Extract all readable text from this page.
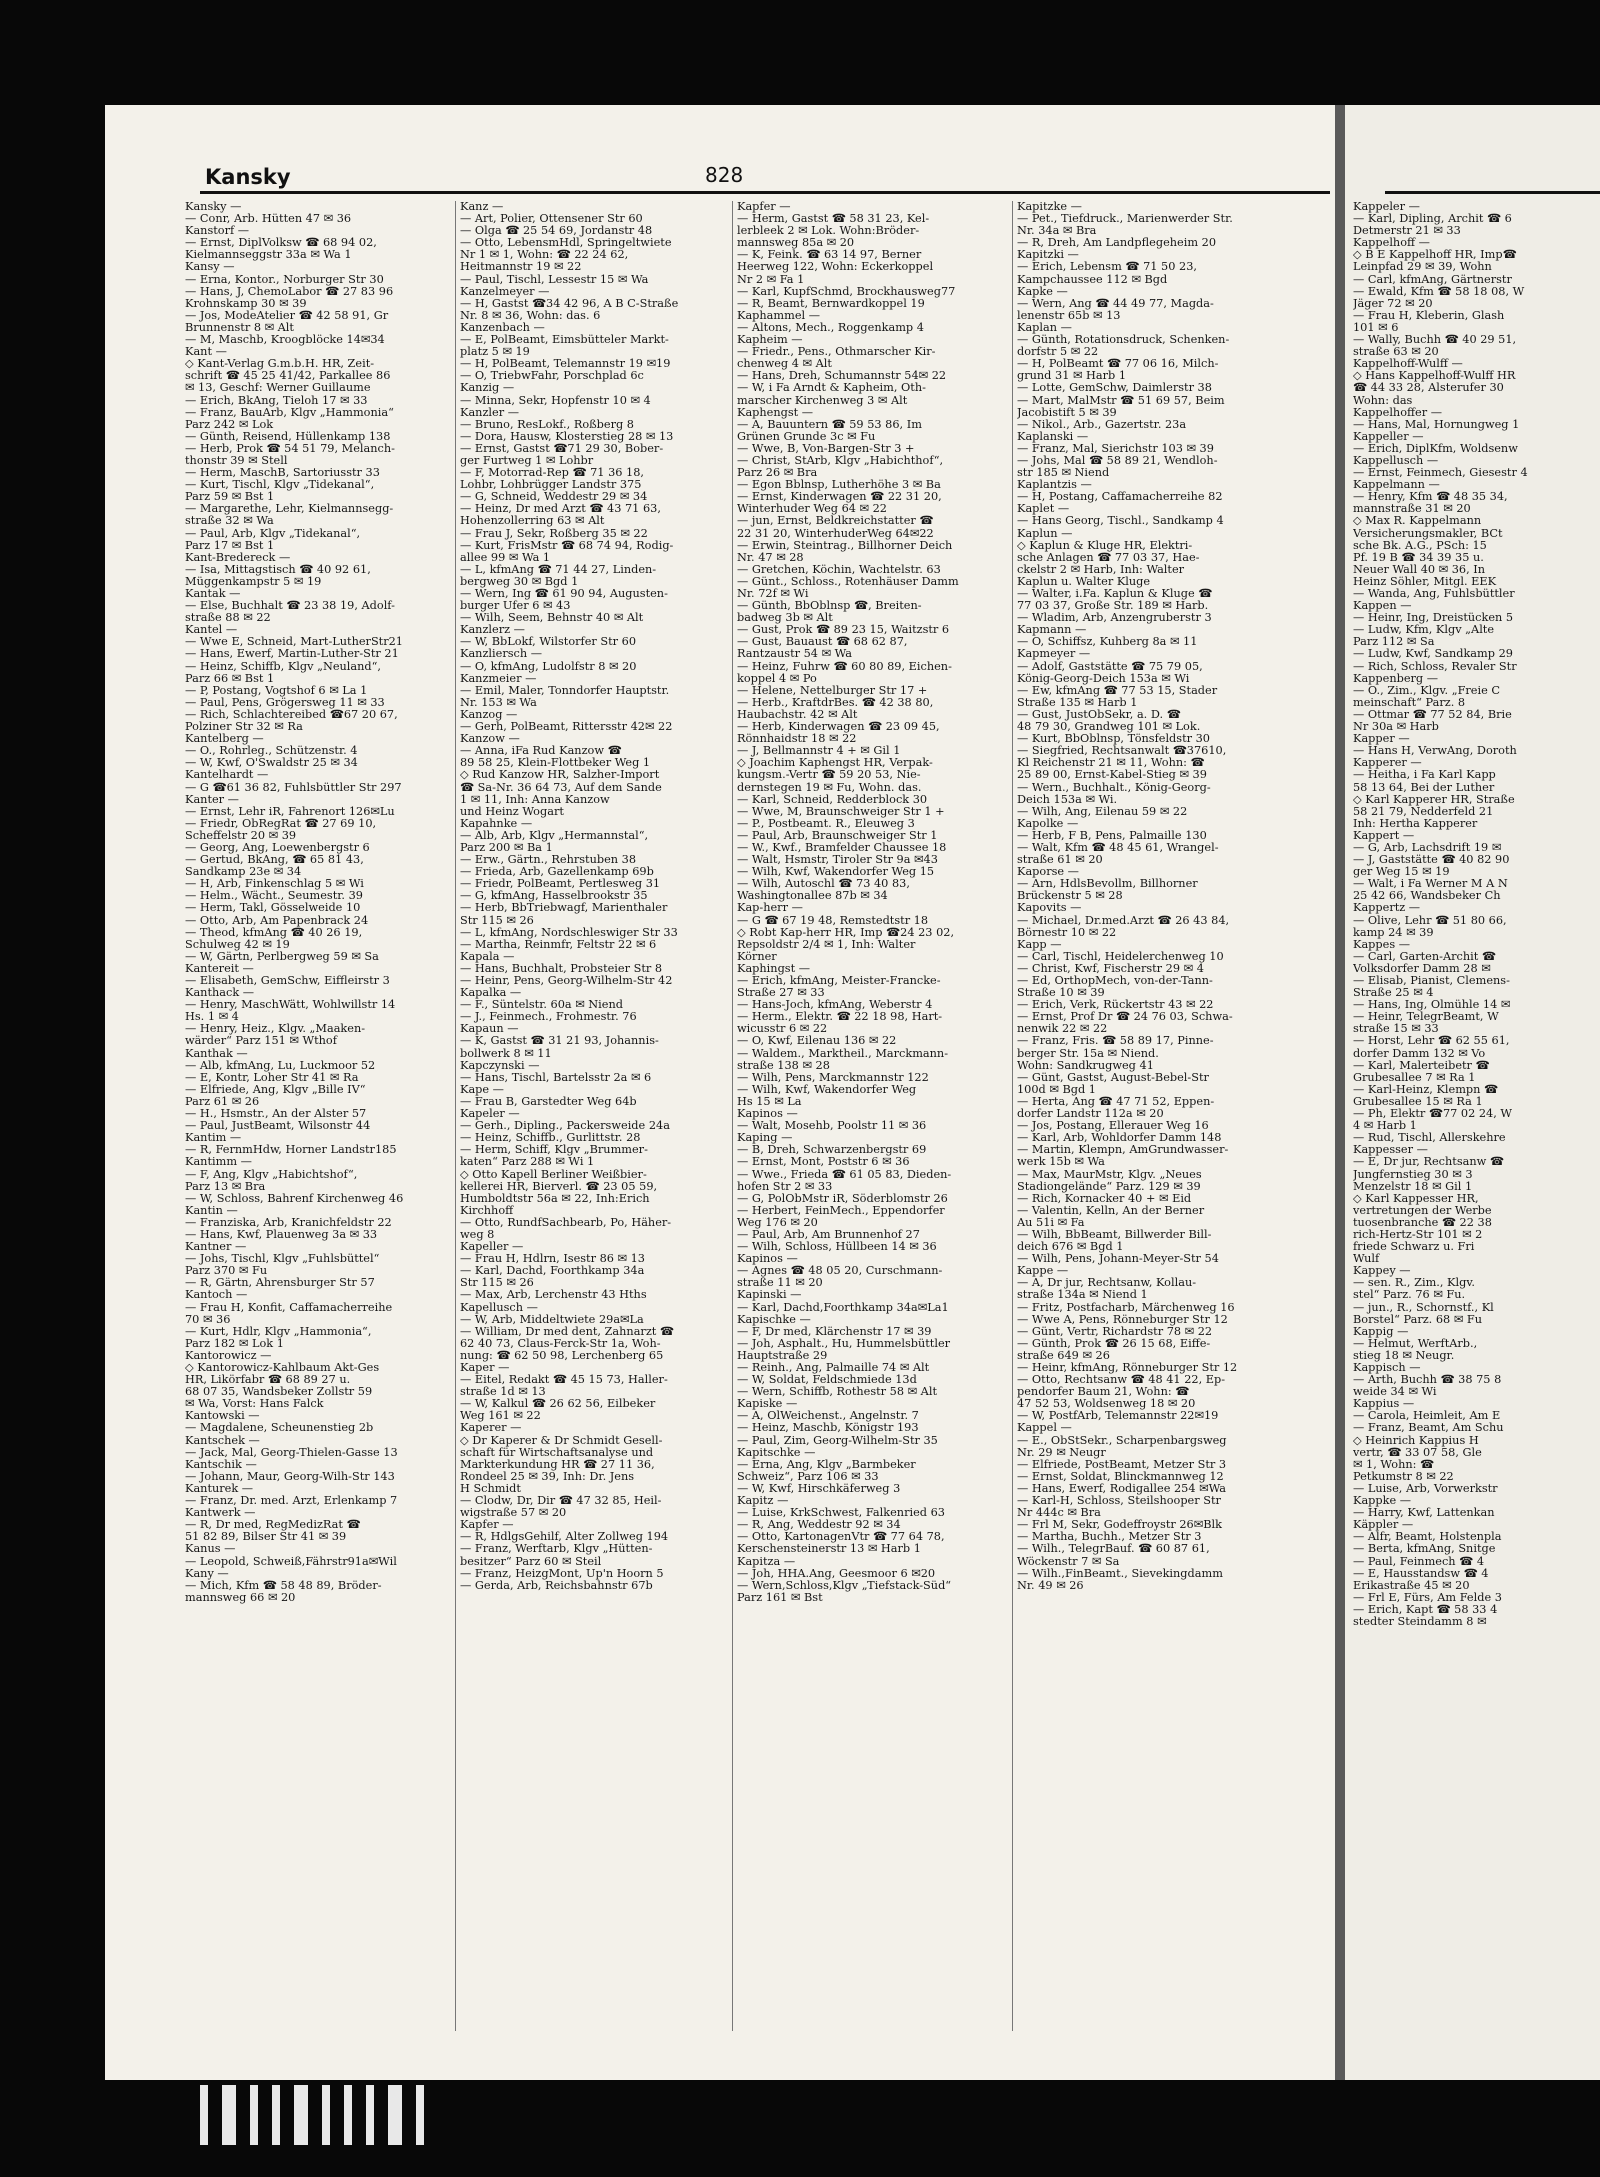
Kansky	828
Kansky —
— Conr, Arb. Hütten 47 ✉ 36
Kanstorf —
— Ernst, DiplVolksw ☎ 68 94 02,
Kielmannseggstr 33a ✉ Wa 1
Kansy —
— Erna, Kontor., Norburger Str 30
— Hans, J, ChemoLabor ☎ 27 83 96
Krohnskamp 30 ✉ 39
— Jos, ModeAtelier ☎ 42 58 91, Gr
Brunnenstr 8 ✉ Alt
— M, Maschb, Kroogblöcke 14✉34
Kant —
◇ Kant-Verlag G.m.b.H. HR, Zeit-
schrift ☎ 45 25 41/42, Parkallee 86
✉ 13, Geschf: Werner Guillaume
— Erich, BkAng, Tieloh 17 ✉ 33
— Franz, BauArb, Klgv „Hammonia“
Parz 242 ✉ Lok
— Günth, Reisend, Hüllenkamp 138
— Herb, Prok ☎ 54 51 79, Melanch-
thonstr 39 ✉ Stell
— Herm, MaschB, Sartoriusstr 33
— Kurt, Tischl, Klgv „Tidekanal“,
Parz 59 ✉ Bst 1
— Margarethe, Lehr, Kielmannsegg-
straße 32 ✉ Wa
— Paul, Arb, Klgv „Tidekanal“,
Parz 17 ✉ Bst 1
Kant-Bredereck —
— Isa, Mittagstisch ☎ 40 92 61,
Müggenkampstr 5 ✉ 19
Kantak —
— Else, Buchhalt ☎ 23 38 19, Adolf-
straße 88 ✉ 22
Kantel —
— Wwe E, Schneid, Mart-LutherStr21
— Hans, Ewerf, Martin-Luther-Str 21
— Heinz, Schiffb, Klgv „Neuland“,
Parz 66 ✉ Bst 1
— P, Postang, Vogtshof 6 ✉ La 1
— Paul, Pens, Grögersweg 11 ✉ 33
— Rich, Schlachtereibed ☎67 20 67,
Polziner Str 32 ✉ Ra
Kantelberg —
— O., Rohrleg., Schützenstr. 4
— W, Kwf, O'Swaldstr 25 ✉ 34
Kantelhardt —
— G ☎61 36 82, Fuhlsbüttler Str 297
Kanter —
— Ernst, Lehr iR, Fahrenort 126✉Lu
— Friedr, ObRegRat ☎ 27 69 10,
Scheffelstr 20 ✉ 39
— Georg, Ang, Loewenbergstr 6
— Gertud, BkAng, ☎ 65 81 43,
Sandkamp 23e ✉ 34
— H, Arb, Finkenschlag 5 ✉ Wi
— Helm., Wächt., Seumestr. 39
— Herm, Takl, Gösselweide 10
— Otto, Arb, Am Papenbrack 24
— Theod, kfmAng ☎ 40 26 19,
Schulweg 42 ✉ 19
— W, Gärtn, Perlbergweg 59 ✉ Sa
Kantereit —
— Elisabeth, GemSchw, Eiffleirstr 3
Kanthack —
— Henry, MaschWätt, Wohlwillstr 14
Hs. 1 ✉ 4
— Henry, Heiz., Klgv. „Maaken-
wärder“ Parz 151 ✉ Wthof
Kanthak —
— Alb, kfmAng, Lu, Luckmoor 52
— E, Kontr, Loher Str 41 ✉ Ra
— Elfriede, Ang, Klgv „Bille IV“
Parz 61 ✉ 26
— H., Hsmstr., An der Alster 57
— Paul, JustBeamt, Wilsonstr 44
Kantim —
— R, FernmHdw, Horner Landstr185
Kantimm —
— F, Ang, Klgv „Habichtshof“,
Parz 13 ✉ Bra
— W, Schloss, Bahrenf Kirchenweg 46
Kantin —
— Franziska, Arb, Kranichfeldstr 22
— Hans, Kwf, Plauenweg 3a ✉ 33
Kantner —
— Johs, Tischl, Klgv „Fuhlsbüttel“
Parz 370 ✉ Fu
— R, Gärtn, Ahrensburger Str 57
Kantoch —
— Frau H, Konfit, Caffamacherreihe
70 ✉ 36
— Kurt, Hdlr, Klgv „Hammonia“,
Parz 182 ✉ Lok 1
Kantorowicz —
◇ Kantorowicz-Kahlbaum Akt-Ges
HR, Likörfabr ☎ 68 89 27 u.
68 07 35, Wandsbeker Zollstr 59
✉ Wa, Vorst: Hans Falck
Kantowski —
— Magdalene, Scheunenstieg 2b
Kantschek —
— Jack, Mal, Georg-Thielen-Gasse 13
Kantschik —
— Johann, Maur, Georg-Wilh-Str 143
Kanturek —
— Franz, Dr. med. Arzt, Erlenkamp 7
Kantwerk —
— R, Dr med, RegMedizRat ☎
51 82 89, Bilser Str 41 ✉ 39
Kanus —
— Leopold, Schweiß,Fährstr91a✉Wil
Kany —
— Mich, Kfm ☎ 58 48 89, Bröder-
mannsweg 66 ✉ 20
Kanz —
— Art, Polier, Ottensener Str 60
— Olga ☎ 25 54 69, Jordanstr 48
— Otto, LebensmHdl, Springeltwiete
Nr 1 ✉ 1, Wohn: ☎ 22 24 62,
Heitmannstr 19 ✉ 22
— Paul, Tischl, Lessestr 15 ✉ Wa
Kanzelmeyer —
— H, Gastst ☎34 42 96, A B C-Straße
Nr. 8 ✉ 36, Wohn: das. 6
Kanzenbach —
— E, PolBeamt, Eimsbütteler Markt-
platz 5 ✉ 19
— H, PolBeamt, Telemannstr 19 ✉19
— O, TriebwFahr, Porschplad 6c
Kanzig —
— Minna, Sekr, Hopfenstr 10 ✉ 4
Kanzler —
— Bruno, ResLokf., Roßberg 8
— Dora, Hausw, Klosterstieg 28 ✉ 13
— Ernst, Gastst ☎71 29 30, Bober-
ger Furtweg 1 ✉ Lohbr
— F, Motorrad-Rep ☎ 71 36 18,
Lohbr, Lohbrügger Landstr 375
— G, Schneid, Weddestr 29 ✉ 34
— Heinz, Dr med Arzt ☎ 43 71 63,
Hohenzollerring 63 ✉ Alt
— Frau J, Sekr, Roßberg 35 ✉ 22
— Kurt, FrisMstr ☎ 68 74 94, Rodig-
allee 99 ✉ Wa 1
— L, kfmAng ☎ 71 44 27, Linden-
bergweg 30 ✉ Bgd 1
— Wern, Ing ☎ 61 90 94, Augusten-
burger Ufer 6 ✉ 43
— Wilh, Seem, Behnstr 40 ✉ Alt
Kanzlerz —
— W, BbLokf, Wilstorfer Str 60
Kanzliersch —
— O, kfmAng, Ludolfstr 8 ✉ 20
Kanzmeier —
— Emil, Maler, Tonndorfer Hauptstr.
Nr. 153 ✉ Wa
Kanzog —
— Gerh, PolBeamt, Rittersstr 42✉ 22
Kanzow —
— Anna, iFa Rud Kanzow ☎
89 58 25, Klein-Flottbeker Weg 1
◇ Rud Kanzow HR, Salzher-Import
☎ Sa-Nr. 36 64 73, Auf dem Sande
1 ✉ 11, Inh: Anna Kanzow
und Heinz Wogart
Kapahnke —
— Alb, Arb, Klgv „Hermannstal“,
Parz 200 ✉ Ba 1
— Erw., Gärtn., Rehrstuben 38
— Frieda, Arb, Gazellenkamp 69b
— Friedr, PolBeamt, Pertlesweg 31
— G, kfmAng, Hasselbrookstr 35
— Herb, BbTriebwagf, Marienthaler
Str 115 ✉ 26
— L, kfmAng, Nordschleswiger Str 33
— Martha, Reinmfr, Feltstr 22 ✉ 6
Kapala —
— Hans, Buchhalt, Probsteier Str 8
— Heinr, Pens, Georg-Wilhelm-Str 42
Kapalka —
— F., Süntelstr. 60a ✉ Niend
— J., Feinmech., Frohmestr. 76
Kapaun —
— K, Gastst ☎ 31 21 93, Johannis-
bollwerk 8 ✉ 11
Kapczynski —
— Hans, Tischl, Bartelsstr 2a ✉ 6
Kape —
— Frau B, Garstedter Weg 64b
Kapeler —
— Gerh., Dipling., Packersweide 24a
— Heinz, Schiffb., Gurlittstr. 28
— Herm, Schiff, Klgv „Brummer-
katen“ Parz 288 ✉ Wi 1
◇ Otto Kapell Berliner Weißbier-
kellerei HR, Bierverl. ☎ 23 05 59,
Humboldtstr 56a ✉ 22, Inh:Erich
Kirchhoff
— Otto, RundfSachbearb, Po, Häher-
weg 8
Kapeller —
— Frau H, Hdlrn, Isestr 86 ✉ 13
— Karl, Dachd, Foorthkamp 34a
Str 115 ✉ 26
— Max, Arb, Lerchenstr 43 Hths
Kapellusch —
— W, Arb, Middeltwiete 29a✉La
— William, Dr med dent, Zahnarzt ☎
62 40 73, Claus-Ferck-Str 1a, Woh-
nung: ☎ 62 50 98, Lerchenberg 65
Kaper —
— Eitel, Redakt ☎ 45 15 73, Haller-
straße 1d ✉ 13
— W, Kalkul ☎ 26 62 56, Eilbeker
Weg 161 ✉ 22
Kaperer —
◇ Dr Kaperer & Dr Schmidt Gesell-
schaft für Wirtschaftsanalyse und
Markterkundung HR ☎ 27 11 36,
Rondeel 25 ✉ 39, Inh: Dr. Jens
H Schmidt
— Clodw, Dr, Dir ☎ 47 32 85, Heil-
wigstraße 57 ✉ 20
Kapfer —
— R, HdlgsGehilf, Alter Zollweg 194
— Franz, Werftarb, Klgv „Hütten-
besitzer“ Parz 60 ✉ Steil
— Franz, HeizgMont, Up'n Hoorn 5
— Gerda, Arb, Reichsbahnstr 67b
Kapfer —
— Herm, Gastst ☎ 58 31 23, Kel-
lerbleek 2 ✉ Lok. Wohn:Bröder-
mannsweg 85a ✉ 20
— K, Feink. ☎ 63 14 97, Berner
Heerweg 122, Wohn: Eckerkoppel
Nr 2 ✉ Fa 1
— Karl, KupfSchmd, Brockhausweg77
— R, Beamt, Bernwardkoppel 19
Kaphammel —
— Altons, Mech., Roggenkamp 4
Kapheim —
— Friedr., Pens., Othmarscher Kir-
chenweg 4 ✉ Alt
— Hans, Dreh, Schumannstr 54✉ 22
— W, i Fa Arndt & Kapheim, Oth-
marscher Kirchenweg 3 ✉ Alt
Kaphengst —
— A, Bauuntern ☎ 59 53 86, Im
Grünen Grunde 3c ✉ Fu
— Wwe, B, Von-Bargen-Str 3 +
— Christ, StArb, Klgv „Habichthof“,
Parz 26 ✉ Bra
— Egon Bblnsp, Lutherhöhe 3 ✉ Ba
— Ernst, Kinderwagen ☎ 22 31 20,
Winterhuder Weg 64 ✉ 22
— jun, Ernst, Beldkreichstatter ☎
22 31 20, WinterhuderWeg 64✉22
— Erwin, Steintrag., Billhorner Deich
Nr. 47 ✉ 28
— Gretchen, Köchin, Wachtelstr. 63
— Günt., Schloss., Rotenhäuser Damm
Nr. 72f ✉ Wi
— Günth, BbOblnsp ☎, Breiten-
badweg 3b ✉ Alt
— Gust, Prok ☎ 89 23 15, Waitzstr 6
— Gust, Bauaust ☎ 68 62 87,
Rantzaustr 54 ✉ Wa
— Heinz, Fuhrw ☎ 60 80 89, Eichen-
koppel 4 ✉ Po
— Helene, Nettelburger Str 17 +
— Herb., KraftdrBes. ☎ 42 38 80,
Haubachstr. 42 ✉ Alt
— Herb, Kinderwagen ☎ 23 09 45,
Rönnhaidstr 18 ✉ 22
— J, Bellmannstr 4 + ✉ Gil 1
◇ Joachim Kaphengst HR, Verpak-
kungsm.-Vertr ☎ 59 20 53, Nie-
dernstegen 19 ✉ Fu, Wohn. das.
— Karl, Schneid, Redderblock 30
— Wwe, M, Braunschweiger Str 1 +
— P., Postbeamt. R., Eleuweg 3
— Paul, Arb, Braunschweiger Str 1
— W., Kwf., Bramfelder Chaussee 18
— Walt, Hsmstr, Tiroler Str 9a ✉43
— Wilh, Kwf, Wakendorfer Weg 15
— Wilh, Autoschl ☎ 73 40 83,
Washingtonallee 87b ✉ 34
Kap-herr —
— G ☎ 67 19 48, Remstedtstr 18
◇ Robt Kap-herr HR, Imp ☎24 23 02,
Repsoldstr 2/4 ✉ 1, Inh: Walter
Körner
Kaphingst —
— Erich, kfmAng, Meister-Francke-
Straße 27 ✉ 33
— Hans-Joch, kfmAng, Weberstr 4
— Herm., Elektr. ☎ 22 18 98, Hart-
wicusstr 6 ✉ 22
— O, Kwf, Eilenau 136 ✉ 22
— Waldem., Marktheil., Marckmann-
straße 138 ✉ 28
— Wilh, Pens, Marckmannstr 122
— Wilh, Kwf, Wakendorfer Weg
Hs 15 ✉ La
Kapinos —
— Walt, Mosehb, Poolstr 11 ✉ 36
Kaping —
— B, Dreh, Schwarzenbergstr 69
— Ernst, Mont, Poststr 6 ✉ 36
— Wwe., Frieda ☎ 61 05 83, Dieden-
hofen Str 2 ✉ 33
— G, PolObMstr iR, Söderblomstr 26
— Herbert, FeinMech., Eppendorfer
Weg 176 ✉ 20
— Paul, Arb, Am Brunnenhof 27
— Wilh, Schloss, Hüllbeen 14 ✉ 36
Kapinos —
— Agnes ☎ 48 05 20, Curschmann-
straße 11 ✉ 20
Kapinski —
— Karl, Dachd,Foorthkamp 34a✉La1
Kapischke —
— F, Dr med, Klärchenstr 17 ✉ 39
— Joh, Asphalt., Hu, Hummelsbüttler
Hauptstraße 29
— Reinh., Ang, Palmaille 74 ✉ Alt
— W, Soldat, Feldschmiede 13d
— Wern, Schiffb, Rothestr 58 ✉ Alt
Kapiske —
— A, OlWeichenst., Angelnstr. 7
— Heinz, Maschb, Königstr 193
— Paul, Zim, Georg-Wilhelm-Str 35
Kapitschke —
— Erna, Ang, Klgv „Barmbeker
Schweiz“, Parz 106 ✉ 33
— W, Kwf, Hirschkäferweg 3
Kapitz —
— Luise, KrkSchwest, Falkenried 63
— R, Ang, Weddestr 92 ✉ 34
— Otto, KartonagenVtr ☎ 77 64 78,
Kerschensteinerstr 13 ✉ Harb 1
Kapitza —
— Joh, HHA.Ang, Geesmoor 6 ✉20
— Wern,Schloss,Klgv „Tiefstack-Süd“
Parz 161 ✉ Bst
Kapitzke —
— Pet., Tiefdruck., Marienwerder Str.
Nr. 34a ✉ Bra
— R, Dreh, Am Landpflegeheim 20
Kapitzki —
— Erich, Lebensm ☎ 71 50 23,
Kampchaussee 112 ✉ Bgd
Kapke —
— Wern, Ang ☎ 44 49 77, Magda-
lenenstr 65b ✉ 13
Kaplan —
— Günth, Rotationsdruck, Schenken-
dorfstr 5 ✉ 22
— H, PolBeamt ☎ 77 06 16, Milch-
grund 31 ✉ Harb 1
— Lotte, GemSchw, Daimlerstr 38
— Mart, MalMstr ☎ 51 69 57, Beim
Jacobistift 5 ✉ 39
— Nikol., Arb., Gazertstr. 23a
Kaplanski —
— Franz, Mal, Sierichstr 103 ✉ 39
— Johs, Mal ☎ 58 89 21, Wendloh-
str 185 ✉ Niend
Kaplantzis —
— H, Postang, Caffamacherreihe 82
Kaplet —
— Hans Georg, Tischl., Sandkamp 4
Kaplun —
◇ Kaplun & Kluge HR, Elektri-
sche Anlagen ☎ 77 03 37, Hae-
ckelstr 2 ✉ Harb, Inh: Walter
Kaplun u. Walter Kluge
— Walter, i.Fa. Kaplun & Kluge ☎
77 03 37, Große Str. 189 ✉ Harb.
— Wladim, Arb, Anzengruberstr 3
Kapmann —
— O, Schiffsz, Kuhberg 8a ✉ 11
Kapmeyer —
— Adolf, Gaststätte ☎ 75 79 05,
König-Georg-Deich 153a ✉ Wi
— Ew, kfmAng ☎ 77 53 15, Stader
Straße 135 ✉ Harb 1
— Gust, JustObSekr, a. D. ☎
48 79 30, Grandweg 101 ✉ Lok.
— Kurt, BbOblnsp, Tönsfeldstr 30
— Siegfried, Rechtsanwalt ☎37610,
Kl Reichenstr 21 ✉ 11, Wohn: ☎
25 89 00, Ernst-Kabel-Stieg ✉ 39
— Wern., Buchhalt., König-Georg-
Deich 153a ✉ Wi.
— Wilh, Ang, Eilenau 59 ✉ 22
Kapolke —
— Herb, F B, Pens, Palmaille 130
— Walt, Kfm ☎ 48 45 61, Wrangel-
straße 61 ✉ 20
Kaporse —
— Arn, HdlsBevollm, Billhorner
Brückenstr 5 ✉ 28
Kapovits —
— Michael, Dr.med.Arzt ☎ 26 43 84,
Börnestr 10 ✉ 22
Kapp —
— Carl, Tischl, Heidelerchenweg 10
— Christ, Kwf, Fischerstr 29 ✉ 4
— Ed, OrthopMech, von-der-Tann-
Straße 10 ✉ 39
— Erich, Verk, Rückertstr 43 ✉ 22
— Ernst, Prof Dr ☎ 24 76 03, Schwa-
nenwik 22 ✉ 22
— Franz, Fris. ☎ 58 89 17, Pinne-
berger Str. 15a ✉ Niend.
Wohn: Sandkrugweg 41
— Günt, Gastst, August-Bebel-Str
100d ✉ Bgd 1
— Herta, Ang ☎ 47 71 52, Eppen-
dorfer Landstr 112a ✉ 20
— Jos, Postang, Ellerauer Weg 16
— Karl, Arb, Wohldorfer Damm 148
— Martin, Klempn, AmGrundwasser-
werk 15b ✉ Wa
— Max, MaurMstr, Klgv. „Neues
Stadiongelände“ Parz. 129 ✉ 39
— Rich, Kornacker 40 + ✉ Eid
— Valentin, Kelln, An der Berner
Au 51i ✉ Fa
— Wilh, BbBeamt, Billwerder Bill-
deich 676 ✉ Bgd 1
— Wilh, Pens, Johann-Meyer-Str 54
Kappe —
— A, Dr jur, Rechtsanw, Kollau-
straße 134a ✉ Niend 1
— Fritz, Postfacharb, Märchenweg 16
— Wwe A, Pens, Rönneburger Str 12
— Günt, Vertr, Richardstr 78 ✉ 22
— Günth, Prok ☎ 26 15 68, Eiffe-
straße 649 ✉ 26
— Heinr, kfmAng, Rönneburger Str 12
— Otto, Rechtsanw ☎ 48 41 22, Ep-
pendorfer Baum 21, Wohn: ☎
47 52 53, Woldsenweg 18 ✉ 20
— W, PostfArb, Telemannstr 22✉19
Kappel —
— E., ObStSekr., Scharpenbargsweg
Nr. 29 ✉ Neugr
— Elfriede, PostBeamt, Metzer Str 3
— Ernst, Soldat, Blinckmannweg 12
— Hans, Ewerf, Rodigallee 254 ✉Wa
— Karl-H, Schloss, Steilshooper Str
Nr 444c ✉ Bra
— Frl M, Sekr, Godeffroystr 26✉Blk
— Martha, Buchh., Metzer Str 3
— Wilh., TelegrBauf. ☎ 60 87 61,
Wöckenstr 7 ✉ Sa
— Wilh.,FinBeamt., Sievekingdamm
Nr. 49 ✉ 26
Kappeler —
— Karl, Dipling, Archit ☎ 6
Detmerstr 21 ✉ 33
Kappelhoff —
◇ B E Kappelhoff HR, Imp☎
Leinpfad 29 ✉ 39, Wohn
— Carl, kfmAng, Gärtnerstr
— Ewald, Kfm ☎ 58 18 08, W
Jäger 72 ✉ 20
— Frau H, Kleberin, Glash
101 ✉ 6
— Wally, Buchh ☎ 40 29 51,
straße 63 ✉ 20
Kappelhoff-Wulff —
◇ Hans Kappelhoff-Wulff HR
☎ 44 33 28, Alsterufer 30
Wohn: das
Kappelhoffer —
— Hans, Mal, Hornungweg 1
Kappeller —
— Erich, DiplKfm, Woldsenw
Kappellusch —
— Ernst, Feinmech, Giesestr 4
Kappelmann —
— Henry, Kfm ☎ 48 35 34,
mannstraße 31 ✉ 20
◇ Max R. Kappelmann
Versicherungsmakler, BCt
sche Bk. A.G., PSch: 15
Pf. 19 B ☎ 34 39 35 u.
Neuer Wall 40 ✉ 36, In
Heinz Söhler, Mitgl. EEK
— Wanda, Ang, Fuhlsbüttler
Kappen —
— Heinr, Ing, Dreistücken 5
— Ludw, Kfm, Klgv „Alte
Parz 112 ✉ Sa
— Ludw, Kwf, Sandkamp 29
— Rich, Schloss, Revaler Str
Kappenberg —
— O., Zim., Klgv. „Freie C
meinschaft“ Parz. 8
— Ottmar ☎ 77 52 84, Brie
Nr 30a ✉ Harb
Kapper —
— Hans H, VerwAng, Doroth
Kapperer —
— Heitha, i Fa Karl Kapp
58 13 64, Bei der Luther
◇ Karl Kapperer HR, Straße
58 21 79, Nedderfeld 21
Inh: Hertha Kapperer
Kappert —
— G, Arb, Lachsdrift 19 ✉
— J, Gaststätte ☎ 40 82 90
ger Weg 15 ✉ 19
— Walt, i Fa Werner M A N
25 42 66, Wandsbeker Ch
Kappertz —
— Olive, Lehr ☎ 51 80 66,
kamp 24 ✉ 39
Kappes —
— Carl, Garten-Archit ☎
Volksdorfer Damm 28 ✉
— Elisab, Pianist, Clemens-
Straße 25 ✉ 4
— Hans, Ing, Olmühle 14 ✉
— Heinr, TelegrBeamt, W
straße 15 ✉ 33
— Horst, Lehr ☎ 62 55 61,
dorfer Damm 132 ✉ Vo
— Karl, Malerteibetr ☎
Grubesallee 7 ✉ Ra 1
— Karl-Heinz, Klempn ☎
Grubesallee 15 ✉ Ra 1
— Ph, Elektr ☎77 02 24, W
4 ✉ Harb 1
— Rud, Tischl, Allerskehre
Kappesser —
— E, Dr jur, Rechtsanw ☎
Jungfernstieg 30 ✉ 3
Menzelstr 18 ✉ Gil 1
◇ Karl Kappesser HR,
vertretungen der Werbe
tuosenbranche ☎ 22 38
rich-Hertz-Str 101 ✉ 2
friede Schwarz u. Fri
Wulf
Kappey —
— sen. R., Zim., Klgv.
stel“ Parz. 76 ✉ Fu.
— jun., R., Schornstf., Kl
Borstel“ Parz. 68 ✉ Fu
Kappig —
— Helmut, WerftArb.,
stieg 18 ✉ Neugr.
Kappisch —
— Arth, Buchh ☎ 38 75 8
weide 34 ✉ Wi
Kappius —
— Carola, Heimleit, Am E
— Franz, Beamt, Am Schu
◇ Heinrich Kappius H
vertr, ☎ 33 07 58, Gle
✉ 1, Wohn: ☎
Petkumstr 8 ✉ 22
— Luise, Arb, Vorwerkstr
Kappke —
— Harry, Kwf, Lattenkan
Käppler —
— Alfr, Beamt, Holstenpla
— Berta, kfmAng, Snitge
— Paul, Feinmech ☎ 4
— E, Hausstandsw ☎ 4
Erikastraße 45 ✉ 20
— Frl E, Fürs, Am Felde 3
— Erich, Kapt ☎ 58 33 4
stedter Steindamm 8 ✉
